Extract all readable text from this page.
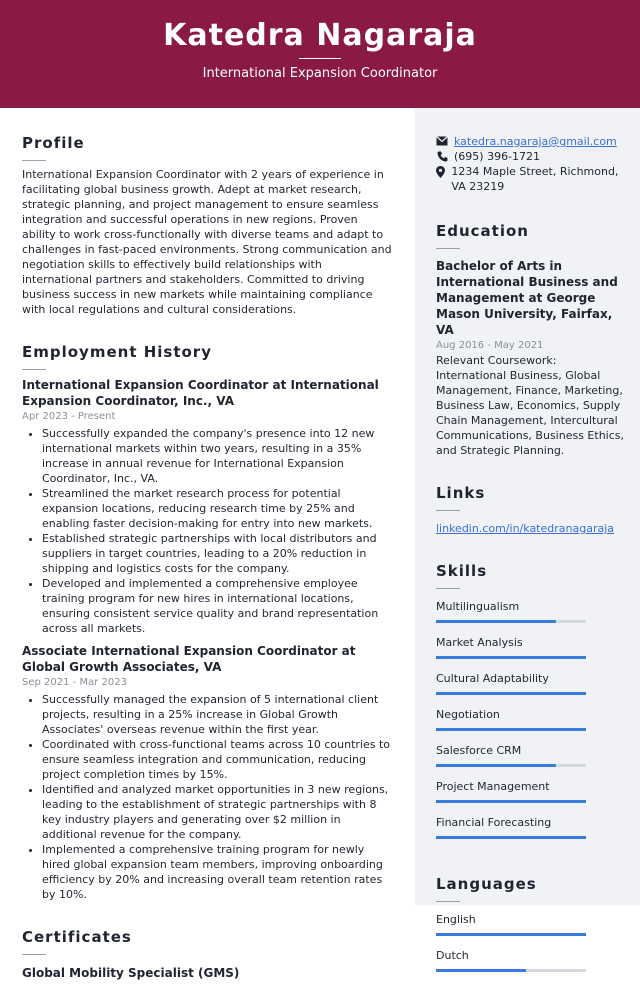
Katedra Nagaraja
International Expansion Coordinator
Profile
International Expansion Coordinator with 2 years of experience in facilitating global business growth. Adept at market research, strategic planning, and project management to ensure seamless integration and successful operations in new regions. Proven ability to work cross-functionally with diverse teams and adapt to challenges in fast-paced environments. Strong communication and negotiation skills to effectively build relationships with international partners and stakeholders. Committed to driving business success in new markets while maintaining compliance with local regulations and cultural considerations.
Employment History
International Expansion Coordinator at International Expansion Coordinator, Inc., VA
Apr 2023 - Present
• Successfully expanded the company's presence into 12 new international markets within two years, resulting in a 35% increase in annual revenue for International Expansion Coordinator, Inc., VA.
• Streamlined the market research process for potential expansion locations, reducing research time by 25% and enabling faster decision-making for entry into new markets.
• Established strategic partnerships with local distributors and suppliers in target countries, leading to a 20% reduction in shipping and logistics costs for the company.
• Developed and implemented a comprehensive employee training program for new hires in international locations, ensuring consistent service quality and brand representation across all markets.
Associate International Expansion Coordinator at Global Growth Associates, VA
Sep 2021 - Mar 2023
• Successfully managed the expansion of 5 international client projects, resulting in a 25% increase in Global Growth Associates' overseas revenue within the first year.
• Coordinated with cross-functional teams across 10 countries to ensure seamless integration and communication, reducing project completion times by 15%.
• Identified and analyzed market opportunities in 3 new regions, leading to the establishment of strategic partnerships with 8 key industry players and generating over $2 million in additional revenue for the company.
• Implemented a comprehensive training program for newly hired global expansion team members, improving onboarding efficiency by 20% and increasing overall team retention rates by 10%.
Certificates
Global Mobility Specialist (GMS)
katedra.nagaraja@gmail.com
(695) 396-1721
1234 Maple Street, Richmond, VA 23219
Education
Bachelor of Arts in International Business and Management at George Mason University, Fairfax, VA
Aug 2016 - May 2021
Relevant Coursework: International Business, Global Management, Finance, Marketing, Business Law, Economics, Supply Chain Management, Intercultural Communications, Business Ethics, and Strategic Planning.
Links
linkedin.com/in/katedranagaraja
Skills
Multilingualism
Market Analysis
Cultural Adaptability
Negotiation
Salesforce CRM
Project Management
Financial Forecasting
Languages
English
Dutch
